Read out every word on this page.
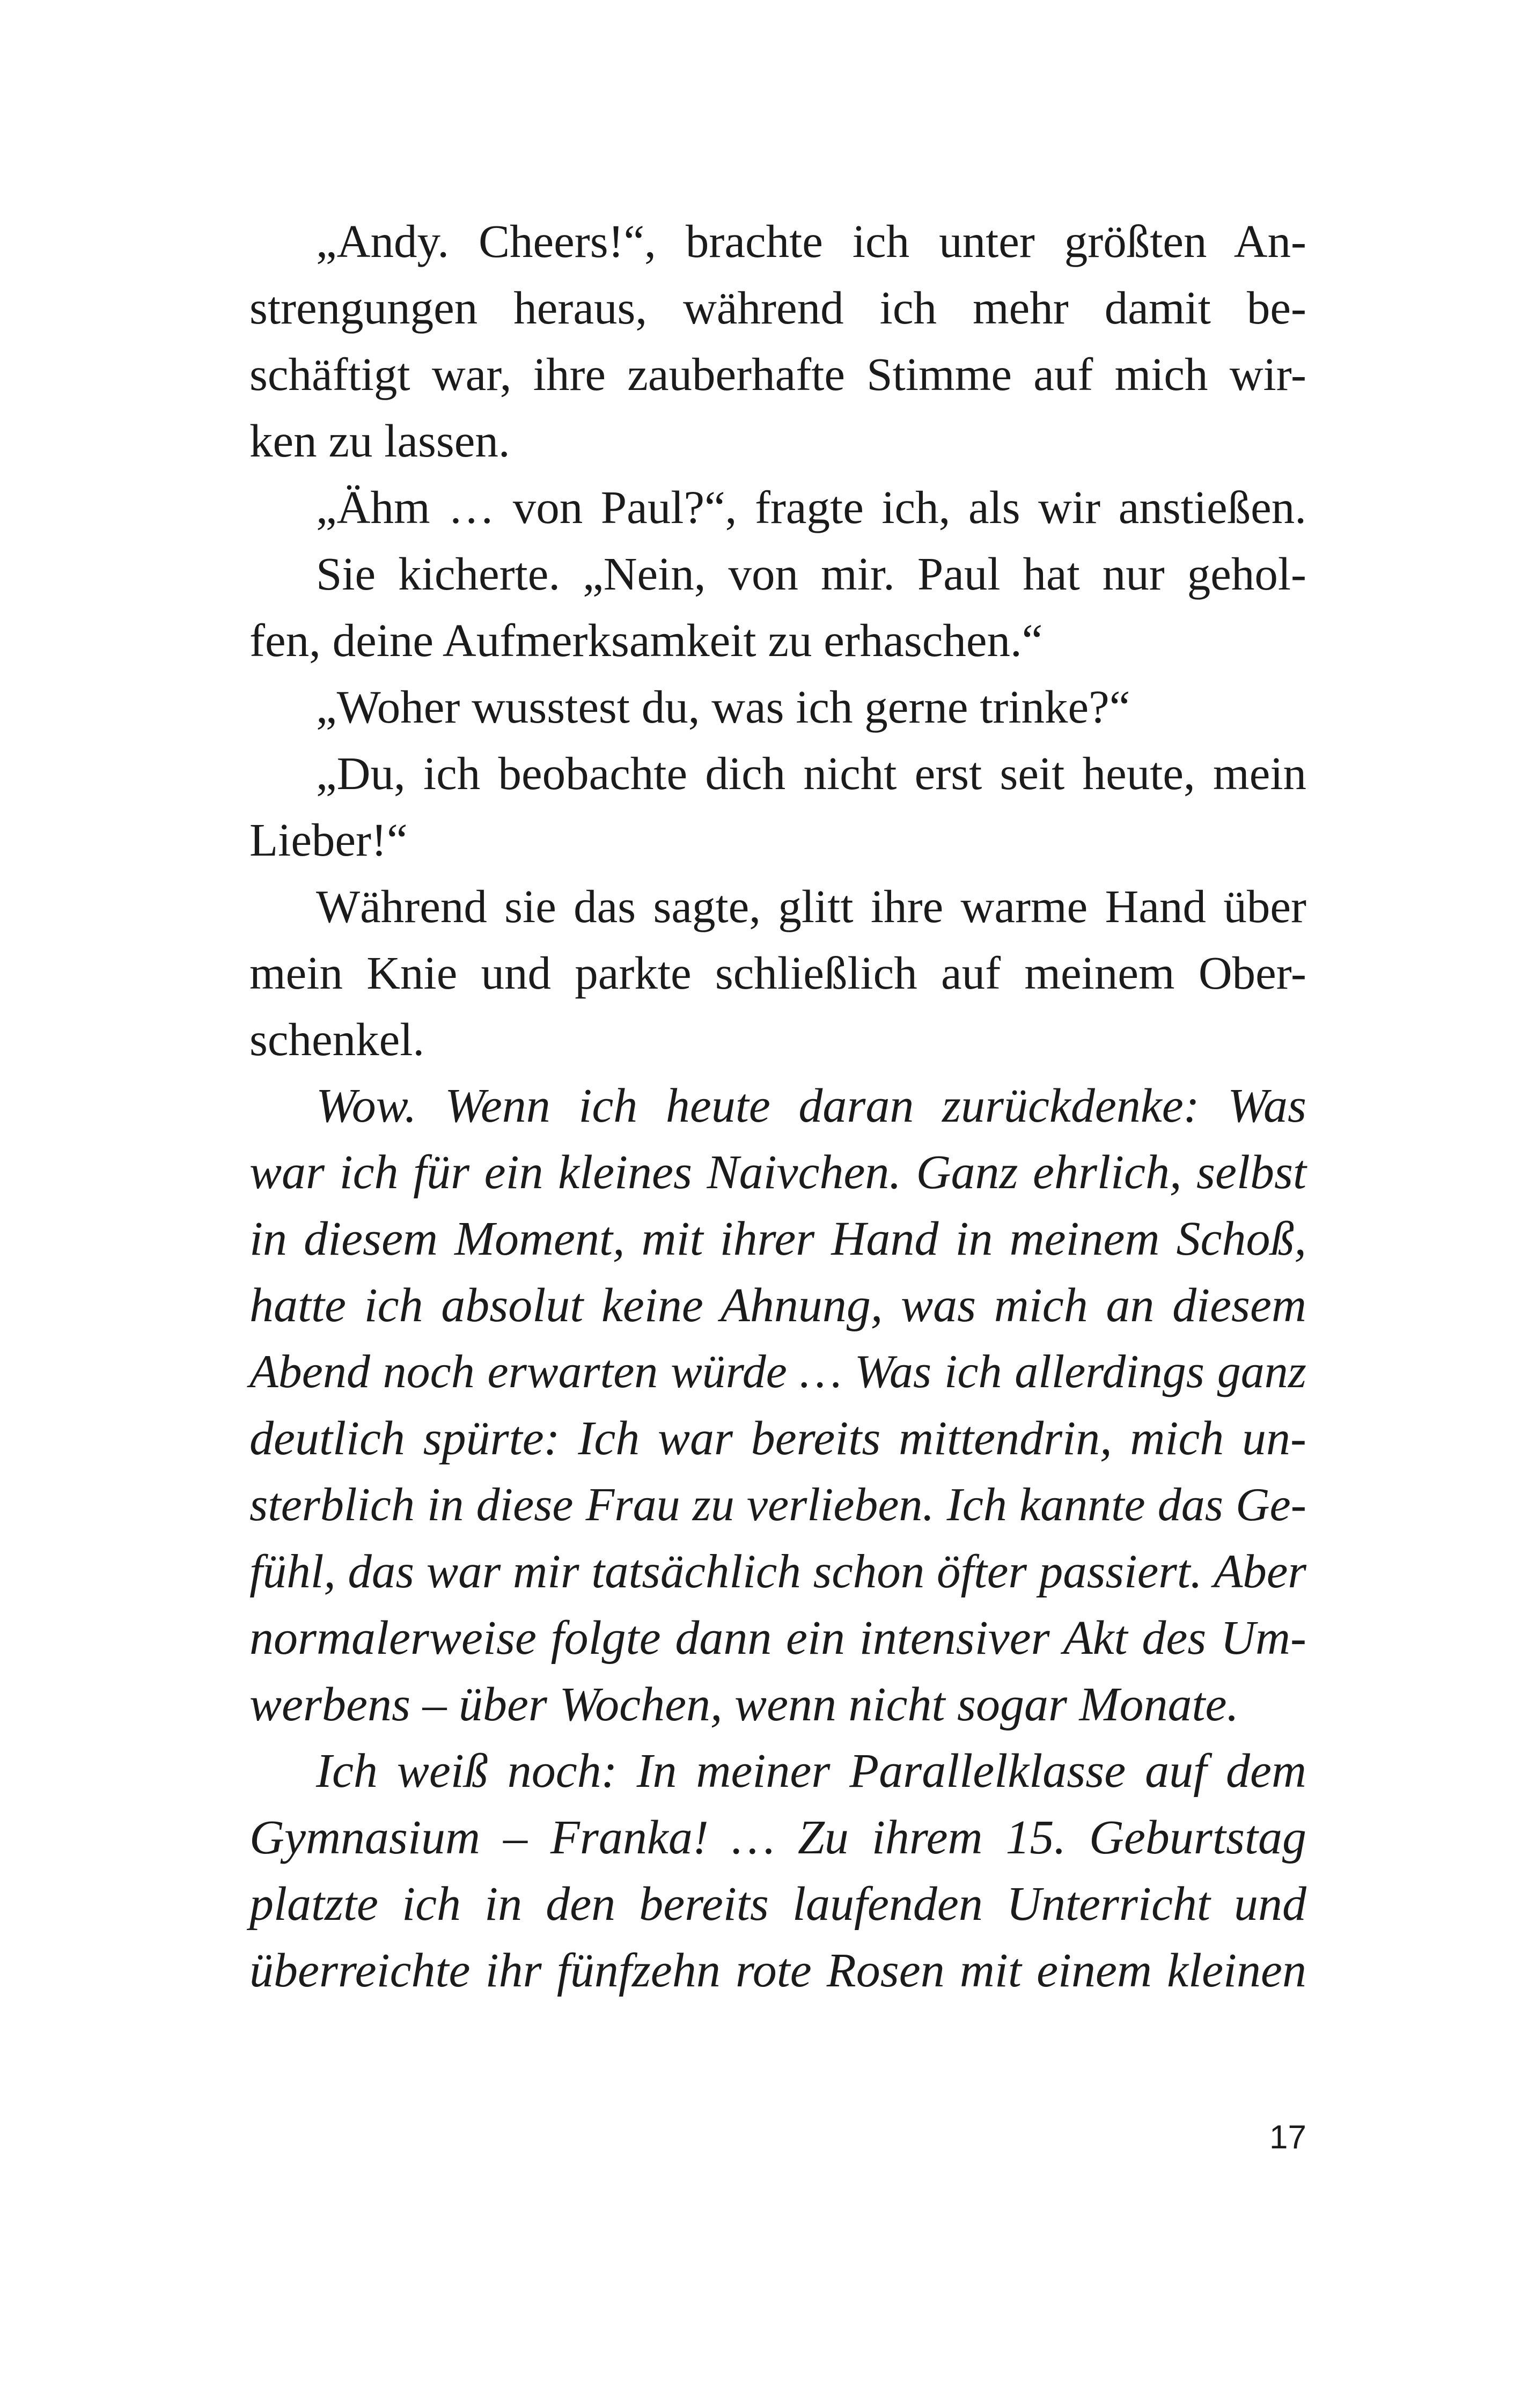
„Andy. Cheers!“, brachte ich unter größten An-
strengungen heraus, während ich mehr damit be-
schäftigt war, ihre zauberhafte Stimme auf mich wir-
ken zu lassen.
„Ähm … von Paul?“, fragte ich, als wir anstießen.
Sie kicherte. „Nein, von mir. Paul hat nur gehol-
fen, deine Aufmerksamkeit zu erhaschen.“
„Woher wusstest du, was ich gerne trinke?“
„Du, ich beobachte dich nicht erst seit heute, mein
Lieber!“
Während sie das sagte, glitt ihre warme Hand über
mein Knie und parkte schließlich auf meinem Ober-
schenkel.
Wow. Wenn ich heute daran zurückdenke: Was
war ich für ein kleines Naivchen. Ganz ehrlich, selbst
in diesem Moment, mit ihrer Hand in meinem Schoß,
hatte ich absolut keine Ahnung, was mich an diesem
Abend noch erwarten würde … Was ich allerdings ganz
deutlich spürte: Ich war bereits mittendrin, mich un-
sterblich in diese Frau zu verlieben. Ich kannte das Ge-
fühl, das war mir tatsächlich schon öfter passiert. Aber
normalerweise folgte dann ein intensiver Akt des Um-
werbens – über Wochen, wenn nicht sogar Monate.
Ich weiß noch: In meiner Parallelklasse auf dem
Gymnasium – Franka! … Zu ihrem 15. Geburtstag
platzte ich in den bereits laufenden Unterricht und
überreichte ihr fünfzehn rote Rosen mit einem kleinen
17
